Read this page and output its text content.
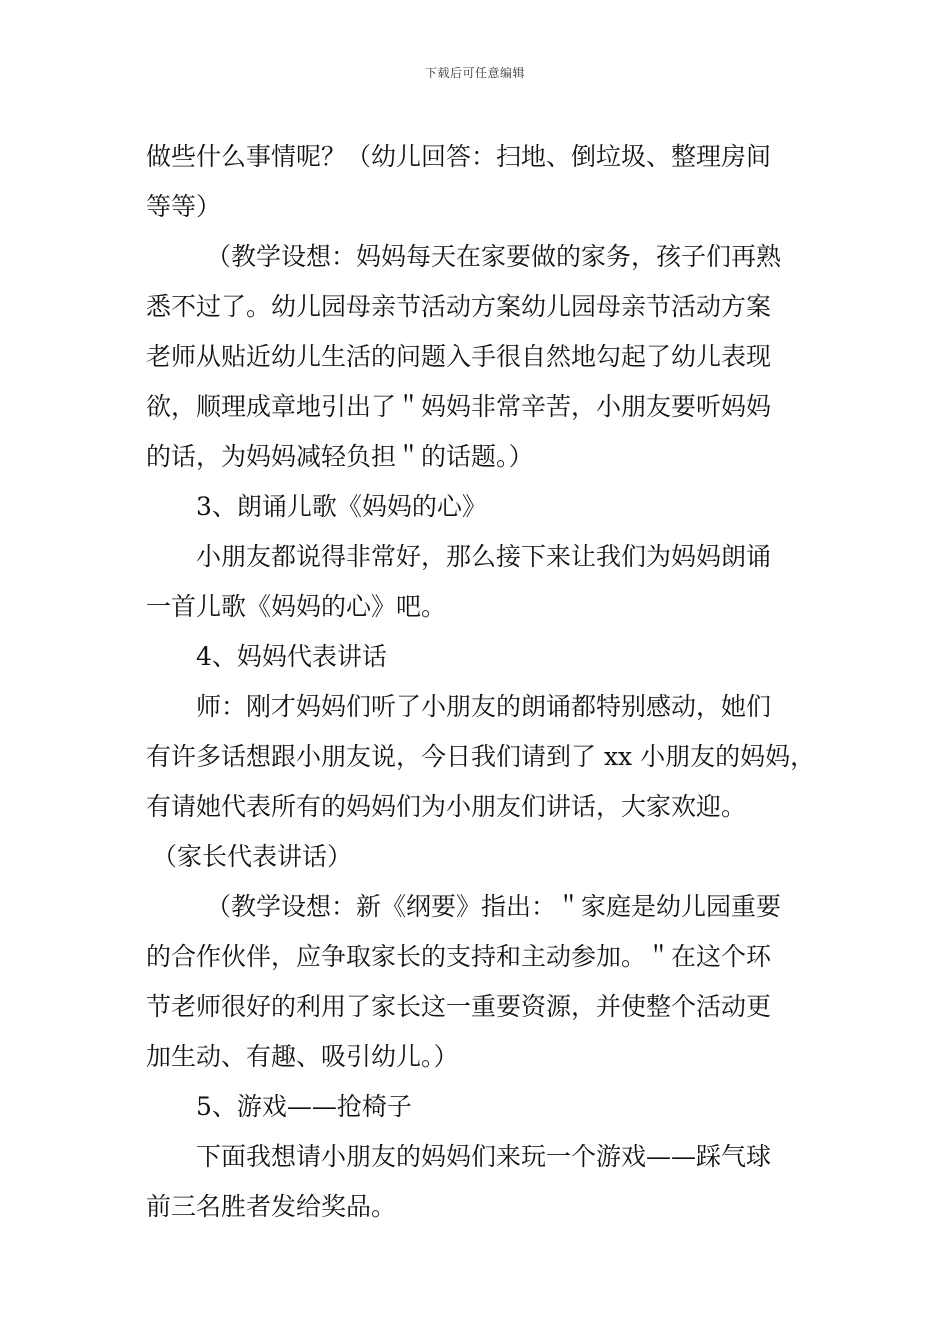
下载后可任意编辑
做些什么事情呢？（幼儿回答：扫地、倒垃圾、整理房间
等等）
（教学设想：妈妈每天在家要做的家务，孩子们再熟
悉不过了。幼儿园母亲节活动方案幼儿园母亲节活动方案
老师从贴近幼儿生活的问题入手很自然地勾起了幼儿表现
欲，顺理成章地引出了＂妈妈非常辛苦，小朋友要听妈妈
的话，为妈妈减轻负担＂的话题。）
3、朗诵儿歌《妈妈的心》
小朋友都说得非常好，那么接下来让我们为妈妈朗诵
一首儿歌《妈妈的心》吧。
4、妈妈代表讲话
师：刚才妈妈们听了小朋友的朗诵都特别感动，她们
有许多话想跟小朋友说，今日我们请到了 xx 小朋友的妈妈，
有请她代表所有的妈妈们为小朋友们讲话，大家欢迎。
（家长代表讲话）
（教学设想：新《纲要》指出：＂家庭是幼儿园重要
的合作伙伴，应争取家长的支持和主动参加。＂在这个环
节老师很好的利用了家长这一重要资源，并使整个活动更
加生动、有趣、吸引幼儿。）
5、游戏——抢椅子
下面我想请小朋友的妈妈们来玩一个游戏——踩气球
前三名胜者发给奖品。
